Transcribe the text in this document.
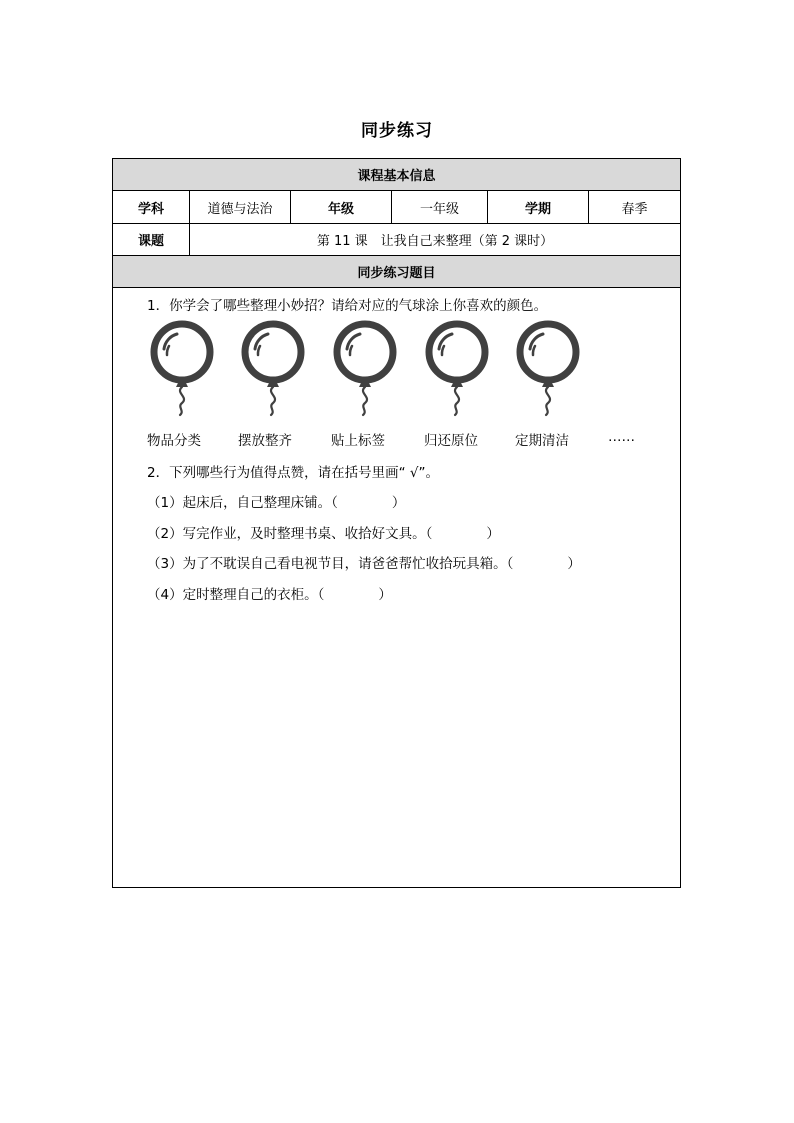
同步练习
课程基本信息
学科	道德与法治	年级	一年级	学期	春季
课题	第 11 课　让我自己来整理（第 2 课时）
同步练习题目
1．你学会了哪些整理小妙招？请给对应的气球涂上你喜欢的颜色。
物品分类	摆放整齐	贴上标签	归还原位	定期清洁	……
2．下列哪些行为值得点赞，请在括号里画“ √”。
（1）起床后，自己整理床铺。（　　　　）
（2）写完作业，及时整理书桌、收拾好文具。（　　　　）
（3）为了不耽误自己看电视节目，请爸爸帮忙收拾玩具箱。（　　　　）
（4）定时整理自己的衣柜。（　　　　）
